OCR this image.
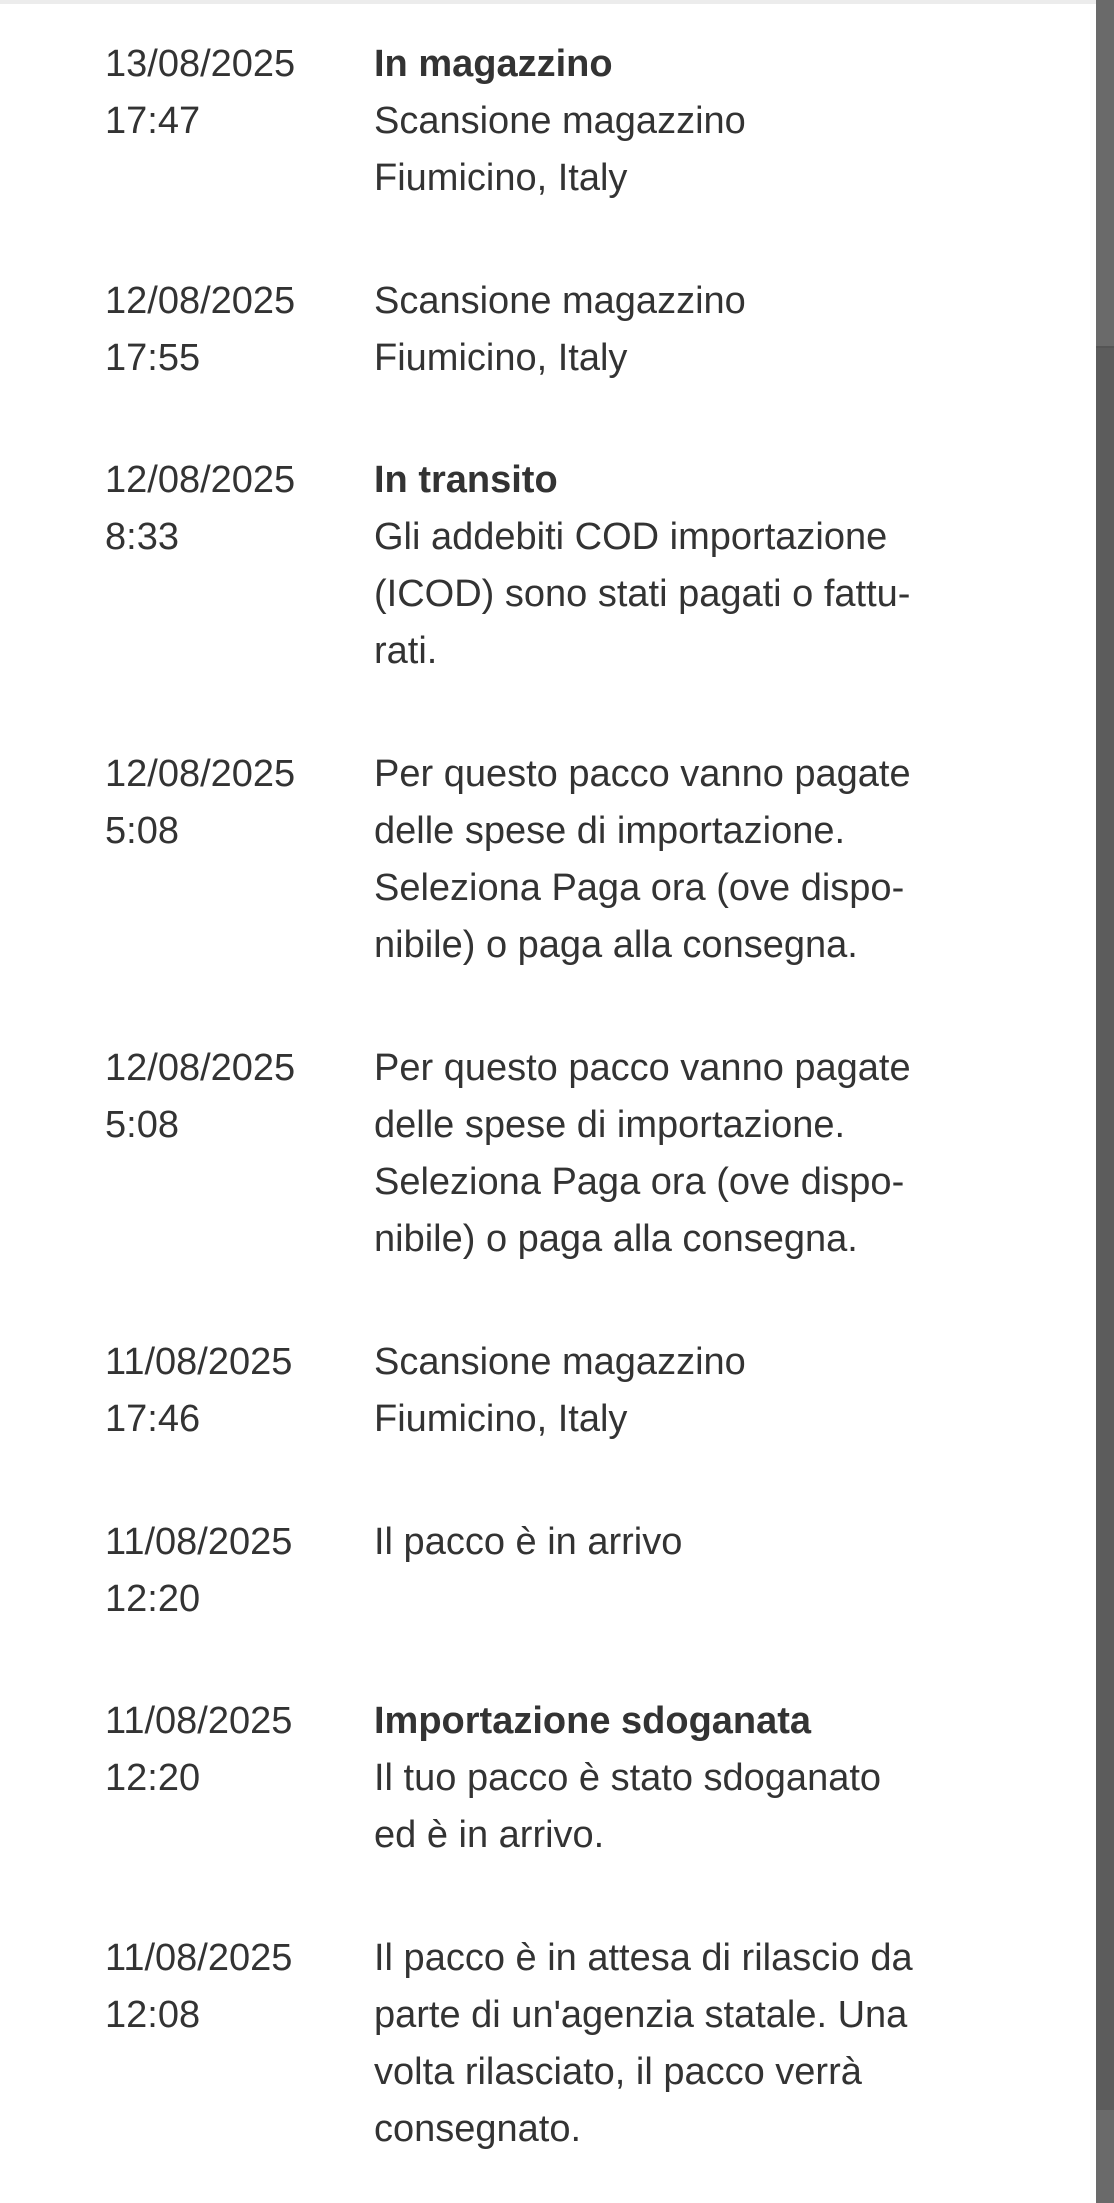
13/08/2025
17:47
In magazzino
Scansione magazzino
Fiumicino, Italy
12/08/2025
17:55
Scansione magazzino
Fiumicino, Italy
12/08/2025
8:33
In transito
Gli addebiti COD importazione
(ICOD) sono stati pagati o fattu-
rati.
12/08/2025
5:08
Per questo pacco vanno pagate
delle spese di importazione.
Seleziona Paga ora (ove dispo-
nibile) o paga alla consegna.
12/08/2025
5:08
Per questo pacco vanno pagate
delle spese di importazione.
Seleziona Paga ora (ove dispo-
nibile) o paga alla consegna.
11/08/2025
17:46
Scansione magazzino
Fiumicino, Italy
11/08/2025
12:20
Il pacco è in arrivo
11/08/2025
12:20
Importazione sdoganata
Il tuo pacco è stato sdoganato
ed è in arrivo.
11/08/2025
12:08
Il pacco è in attesa di rilascio da
parte di un'agenzia statale. Una
volta rilasciato, il pacco verrà
consegnato.
